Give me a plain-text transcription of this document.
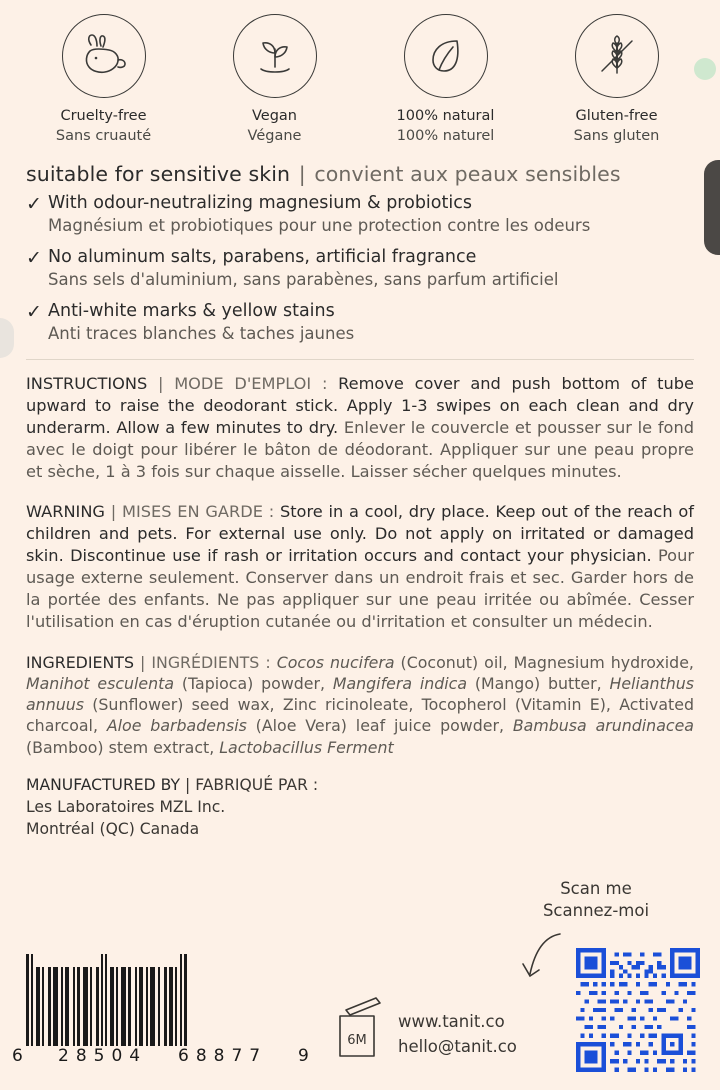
Cruelty-free
Sans cruauté
Vegan
Végane
100% natural
100% naturel
Gluten-free
Sans gluten
suitable for sensitive skin | convient aux peaux sensibles
✓ With odour-neutralizing magnesium & probiotics
Magnésium et probiotiques pour une protection contre les odeurs
✓ No aluminum salts, parabens, artificial fragrance
Sans sels d'aluminium, sans parabènes, sans parfum artificiel
✓ Anti-white marks & yellow stains
Anti traces blanches & taches jaunes

INSTRUCTIONS | MODE D'EMPLOI : Remove cover and push bottom of tube upward to raise the deodorant stick. Apply 1-3 swipes on each clean and dry underarm. Allow a few minutes to dry. Enlever le couvercle et pousser sur le fond avec le doigt pour libérer le bâton de déodorant. Appliquer sur une peau propre et sèche, 1 à 3 fois sur chaque aisselle. Laisser sécher quelques minutes.

WARNING | MISES EN GARDE : Store in a cool, dry place. Keep out of the reach of children and pets. For external use only. Do not apply on irritated or damaged skin. Discontinue use if rash or irritation occurs and contact your physician. Pour usage externe seulement. Conserver dans un endroit frais et sec. Garder hors de la portée des enfants. Ne pas appliquer sur une peau irritée ou abîmée. Cesser l'utilisation en cas d'éruption cutanée ou d'irritation et consulter un médecin.

INGREDIENTS | INGRÉDIENTS : Cocos nucifera (Coconut) oil, Magnesium hydroxide, Manihot esculenta (Tapioca) powder, Mangifera indica (Mango) butter, Helianthus annuus (Sunflower) seed wax, Zinc ricinoleate, Tocopherol (Vitamin E), Activated charcoal, Aloe barbadensis (Aloe Vera) leaf juice powder, Bambusa arundinacea (Bamboo) stem extract, Lactobacillus Ferment

MANUFACTURED BY | FABRIQUÉ PAR :
Les Laboratoires MZL Inc.
Montréal (QC) Canada
Scan me
Scannez-moi
6 28504 68877 9
6M
www.tanit.co
hello@tanit.co
